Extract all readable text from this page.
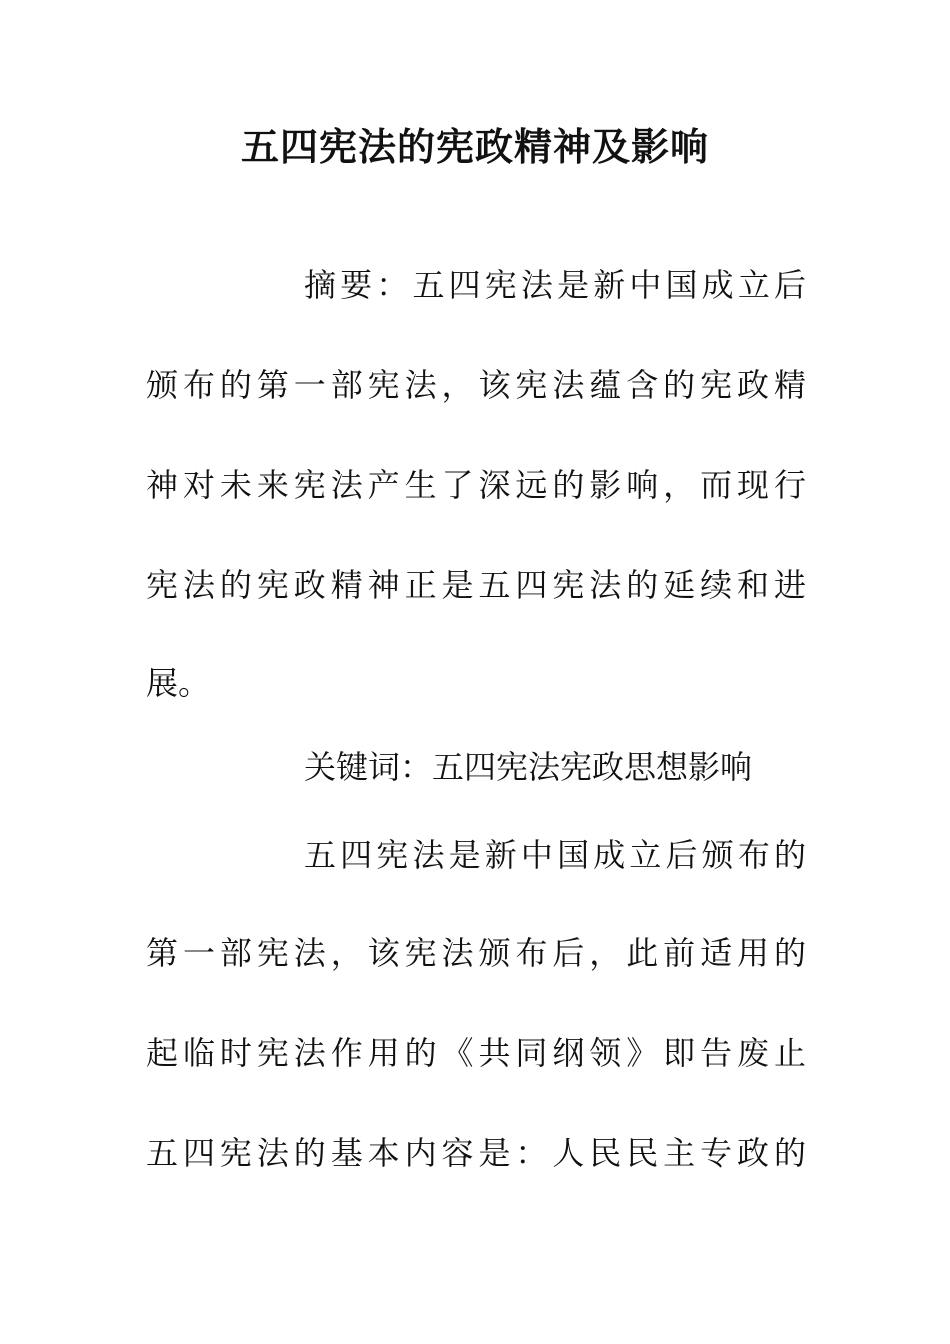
五四宪法的宪政精神及影响

摘要：五四宪法是新中国成立后

颁布的第一部宪法，该宪法蕴含的宪政精

神对未来宪法产生了深远的影响，而现行

宪法的宪政精神正是五四宪法的延续和进

展。

关键词：五四宪法宪政思想影响

五四宪法是新中国成立后颁布的

第一部宪法，该宪法颁布后，此前适用的

起临时宪法作用的《共同纲领》即告废止

五四宪法的基本内容是：人民民主专政的
